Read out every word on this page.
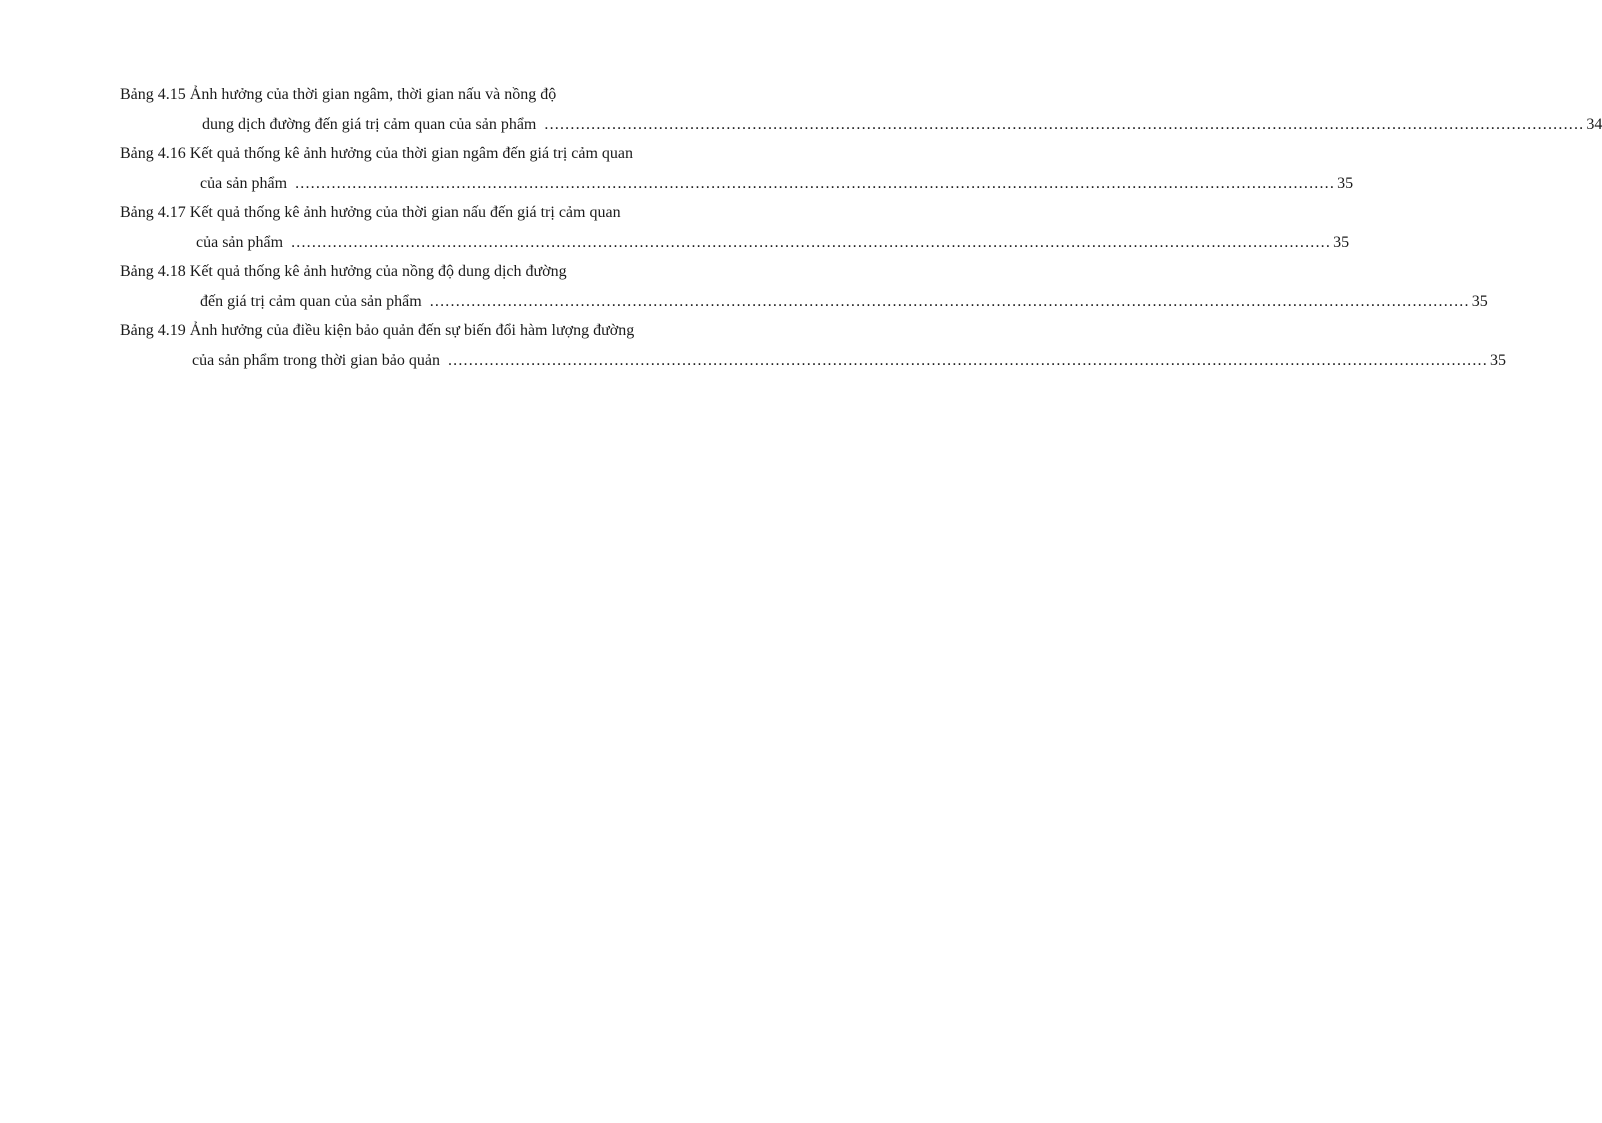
Bảng 4.15 Ảnh hưởng của thời gian ngâm, thời gian nấu và nồng độ
dung dịch đường đến giá trị cảm quan của sản phẩm ........................................................................................................................................................................................................ 34
Bảng 4.16 Kết quả thống kê ảnh hưởng của thời gian ngâm đến giá trị cảm quan
của sản phẩm ........................................................................................................................................................................................................ 35
Bảng 4.17 Kết quả thống kê ảnh hưởng của thời gian nấu đến giá trị cảm quan
của sản phẩm ........................................................................................................................................................................................................ 35
Bảng 4.18 Kết quả thống kê ảnh hưởng của nồng độ dung dịch đường
đến giá trị cảm quan của sản phẩm ........................................................................................................................................................................................................ 35
Bảng 4.19 Ảnh hưởng của điều kiện bảo quản đến sự biến đổi hàm lượng đường
của sản phẩm trong thời gian bảo quản ........................................................................................................................................................................................................ 35
